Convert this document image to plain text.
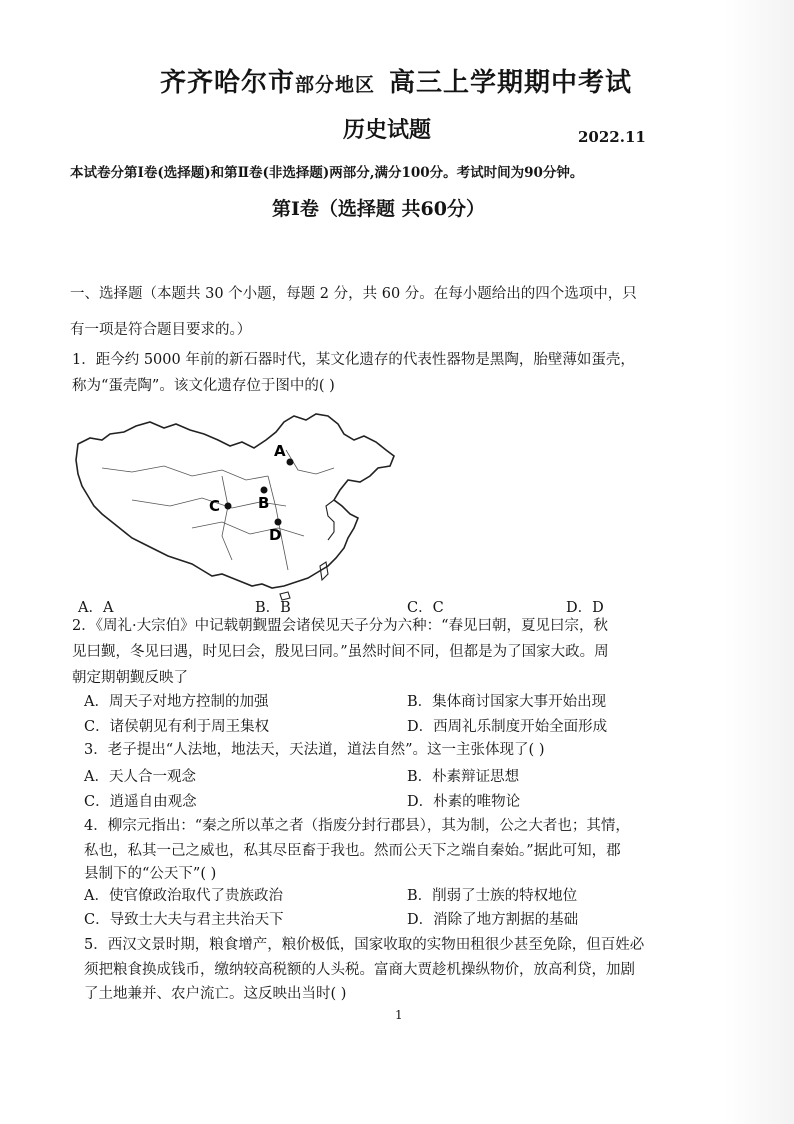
齐齐哈尔市部分地区 高三上学期期中考试
历史试题	2022.11
本试卷分第Ⅰ卷(选择题)和第Ⅱ卷(非选择题)两部分,满分100分。考试时间为90分钟。
第Ⅰ卷（选择题 共60分）
一、选择题（本题共 30 个小题，每题 2 分，共 60 分。在每小题给出的四个选项中，只
有一项是符合题目要求的。）
1．距今约 5000 年前的新石器时代，某文化遗存的代表性器物是黑陶，胎壁薄如蛋壳，
称为“蛋壳陶”。该文化遗存位于图中的( )
A
B
C
D
A．A	B．B	C．C	D．D
2．《周礼·大宗伯》中记载朝觐盟会诸侯见天子分为六种：“春见曰朝，夏见曰宗，秋
见曰觐，冬见曰遇，时见曰会，殷见曰同。”虽然时间不同，但都是为了国家大政。周
朝定期朝觐反映了
A．周天子对地方控制的加强	B．集体商讨国家大事开始出现
C．诸侯朝见有利于周王集权	D．西周礼乐制度开始全面形成
3．老子提出“人法地，地法天，天法道，道法自然”。这一主张体现了( )
A．天人合一观念	B．朴素辩证思想
C．逍遥自由观念	D．朴素的唯物论
4．柳宗元指出：“秦之所以革之者（指废分封行郡县），其为制，公之大者也；其情，
私也，私其一己之威也，私其尽臣畜于我也。然而公天下之端自秦始。”据此可知，郡
县制下的“公天下”( )
A．使官僚政治取代了贵族政治	B．削弱了士族的特权地位
C．导致士大夫与君主共治天下	D．消除了地方割据的基础
5．西汉文景时期，粮食增产，粮价极低，国家收取的实物田租很少甚至免除，但百姓必
须把粮食换成钱币，缴纳较高税额的人头税。富商大贾趁机操纵物价，放高利贷，加剧
了土地兼并、农户流亡。这反映出当时( )
1
